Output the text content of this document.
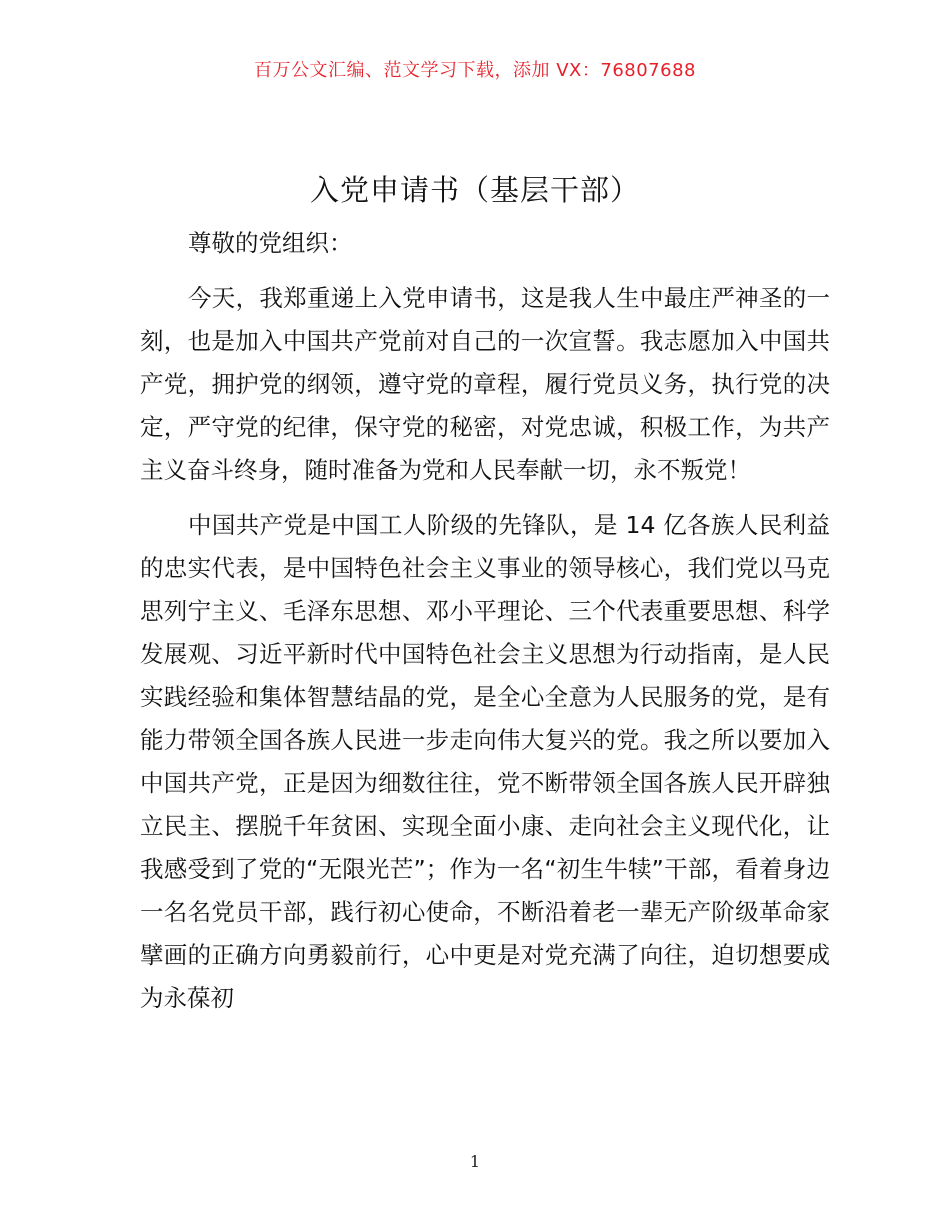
百万公文汇编、范文学习下载，添加 VX：76807688
入党申请书（基层干部）

尊敬的党组织：

今天，我郑重递上入党申请书，这是我人生中最庄严神圣的一刻，也是加入中国共产党前对自己的一次宣誓。我志愿加入中国共产党，拥护党的纲领，遵守党的章程，履行党员义务，执行党的决定，严守党的纪律，保守党的秘密，对党忠诚，积极工作，为共产主义奋斗终身，随时准备为党和人民奉献一切，永不叛党！

中国共产党是中国工人阶级的先锋队，是 14 亿各族人民利益的忠实代表，是中国特色社会主义事业的领导核心，我们党以马克思列宁主义、毛泽东思想、邓小平理论、三个代表重要思想、科学发展观、习近平新时代中国特色社会主义思想为行动指南，是人民实践经验和集体智慧结晶的党，是全心全意为人民服务的党，是有能力带领全国各族人民进一步走向伟大复兴的党。我之所以要加入中国共产党，正是因为细数往往，党不断带领全国各族人民开辟独立民主、摆脱千年贫困、实现全面小康、走向社会主义现代化，让我感受到了党的“无限光芒”；作为一名“初生牛犊”干部，看着身边一名名党员干部，践行初心使命，不断沿着老一辈无产阶级革命家擘画的正确方向勇毅前行，心中更是对党充满了向往，迫切想要成为永葆初

1
